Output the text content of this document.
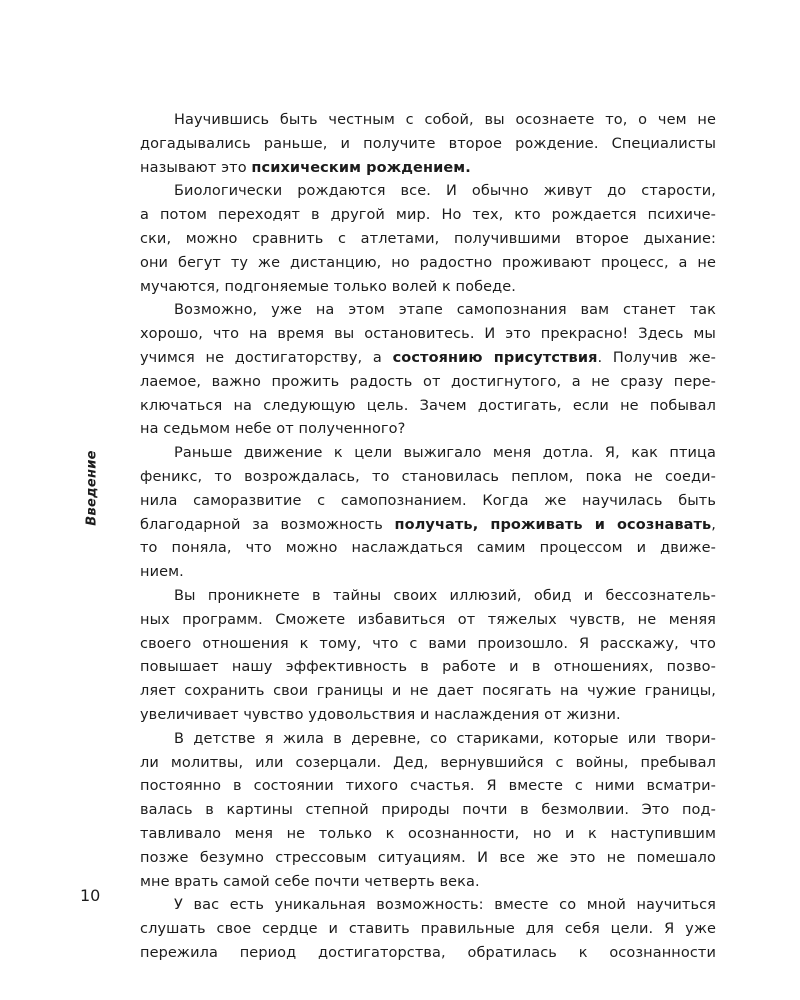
Введение
Научившись быть честным с собой, вы осознаете то, о чем не
догадывались раньше, и получите второе рождение. Специалисты
называют это психическим рождением.
Биологически рождаются все. И обычно живут до старости,
а потом переходят в другой мир. Но тех, кто рождается психиче-
ски, можно сравнить с атлетами, получившими второе дыхание:
они бегут ту же дистанцию, но радостно проживают процесс, а не
мучаются, подгоняемые только волей к победе.
Возможно, уже на этом этапе самопознания вам станет так
хорошо, что на время вы остановитесь. И это прекрасно! Здесь мы
учимся не достигаторству, а состоянию присутствия. Получив же-
лаемое, важно прожить радость от достигнутого, а не сразу пере-
ключаться на следующую цель. Зачем достигать, если не побывал
на седьмом небе от полученного?
Раньше движение к цели выжигало меня дотла. Я, как птица
феникс, то возрождалась, то становилась пеплом, пока не соеди-
нила саморазвитие с самопознанием. Когда же научилась быть
благодарной за возможность получать, проживать и осознавать,
то поняла, что можно наслаждаться самим процессом и движе-
нием.
Вы проникнете в тайны своих иллюзий, обид и бессознатель-
ных программ. Сможете избавиться от тяжелых чувств, не меняя
своего отношения к тому, что с вами произошло. Я расскажу, что
повышает нашу эффективность в работе и в отношениях, позво-
ляет сохранить свои границы и не дает посягать на чужие границы,
увеличивает чувство удовольствия и наслаждения от жизни.
В детстве я жила в деревне, со стариками, которые или твори-
ли молитвы, или созерцали. Дед, вернувшийся с войны, пребывал
постоянно в состоянии тихого счастья. Я вместе с ними всматри-
валась в картины степной природы почти в безмолвии. Это под-
тавливало меня не только к осознанности, но и к наступившим
позже безумно стрессовым ситуациям. И все же это не помешало
мне врать самой себе почти четверть века.
У вас есть уникальная возможность: вместе со мной научиться
слушать свое сердце и ставить правильные для себя цели. Я уже
пережила период достигаторства, обратилась к осознанности
10
